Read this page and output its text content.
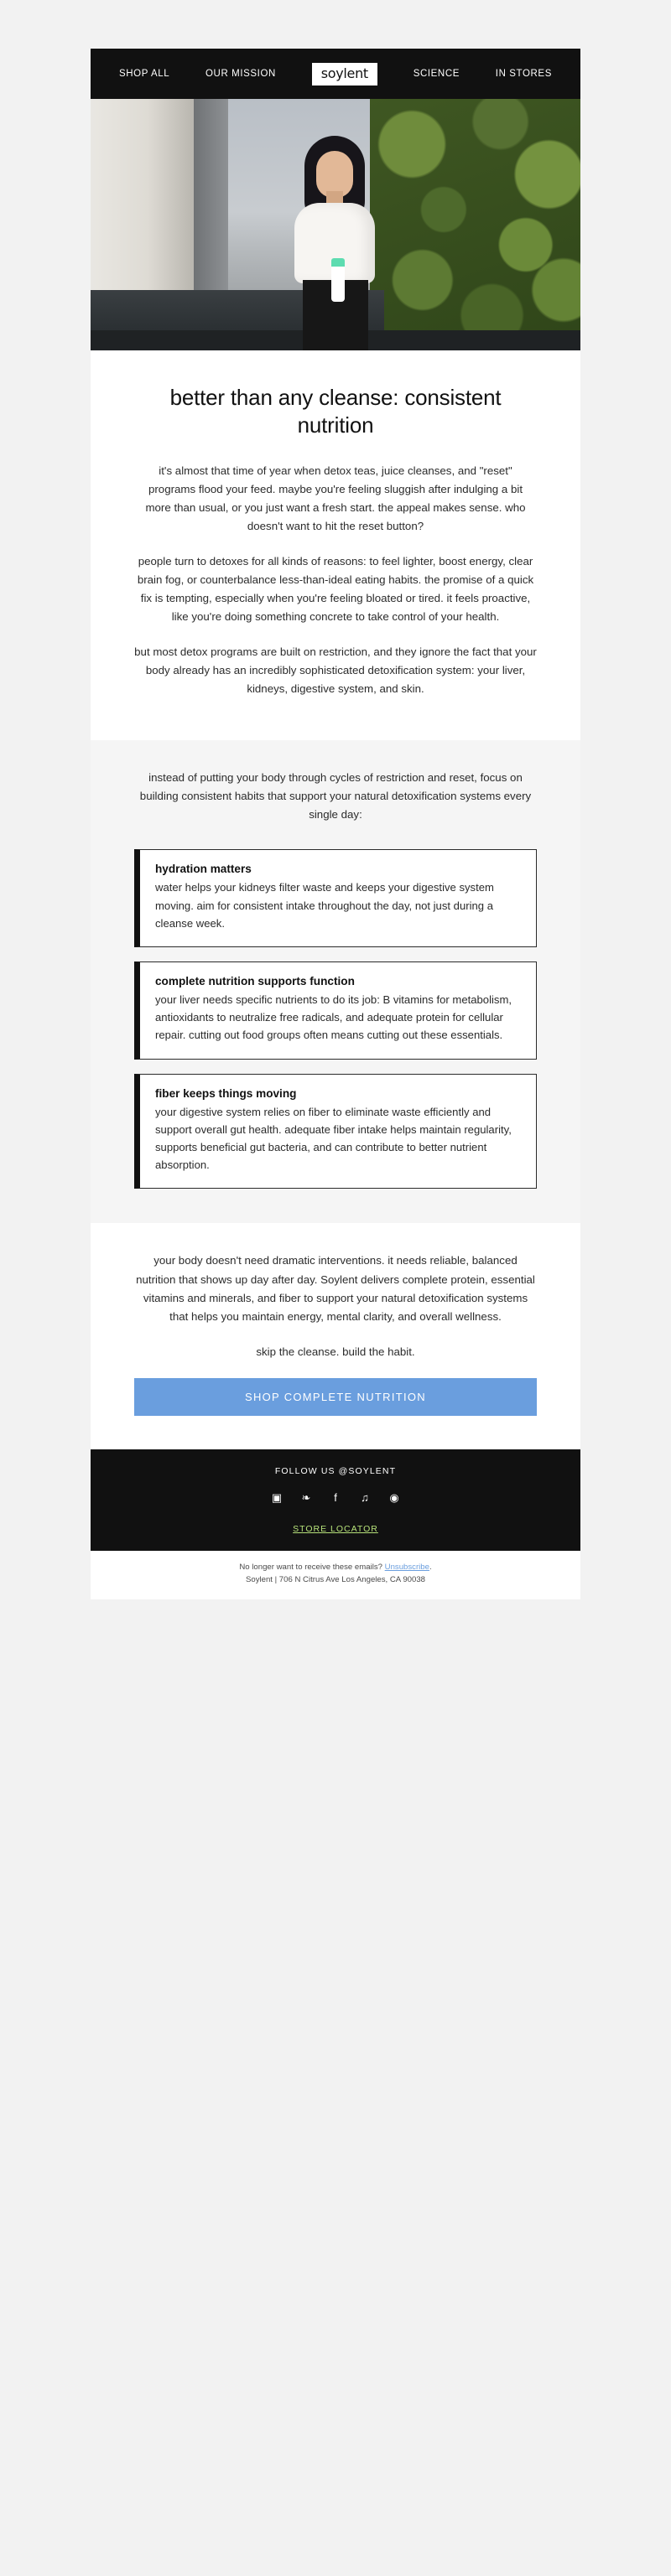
SHOP ALL	OUR MISSION	soylent	SCIENCE	IN STORES
better than any cleanse: consistent nutrition

it's almost that time of year when detox teas, juice cleanses, and "reset" programs flood your feed. maybe you're feeling sluggish after indulging a bit more than usual, or you just want a fresh start. the appeal makes sense. who doesn't want to hit the reset button?

people turn to detoxes for all kinds of reasons: to feel lighter, boost energy, clear brain fog, or counterbalance less-than-ideal eating habits. the promise of a quick fix is tempting, especially when you're feeling bloated or tired. it feels proactive, like you're doing something concrete to take control of your health.

but most detox programs are built on restriction, and they ignore the fact that your body already has an incredibly sophisticated detoxification system: your liver, kidneys, digestive system, and skin.

instead of putting your body through cycles of restriction and reset, focus on building consistent habits that support your natural detoxification systems every single day:

hydration matters

water helps your kidneys filter waste and keeps your digestive system moving. aim for consistent intake throughout the day, not just during a cleanse week.

complete nutrition supports function

your liver needs specific nutrients to do its job: B vitamins for metabolism, antioxidants to neutralize free radicals, and adequate protein for cellular repair. cutting out food groups often means cutting out these essentials.

fiber keeps things moving

your digestive system relies on fiber to eliminate waste efficiently and support overall gut health. adequate fiber intake helps maintain regularity, supports beneficial gut bacteria, and can contribute to better nutrient absorption.

your body doesn't need dramatic interventions. it needs reliable, balanced nutrition that shows up day after day. Soylent delivers complete protein, essential vitamins and minerals, and fiber to support your natural detoxification systems that helps you maintain energy, mental clarity, and overall wellness.

skip the cleanse. build the habit.

SHOP COMPLETE NUTRITION
FOLLOW US @SOYLENT
▣	❧	f	♫	◉
STORE LOCATOR
No longer want to receive these emails? Unsubscribe.
Soylent | 706 N Citrus Ave Los Angeles, CA 90038
